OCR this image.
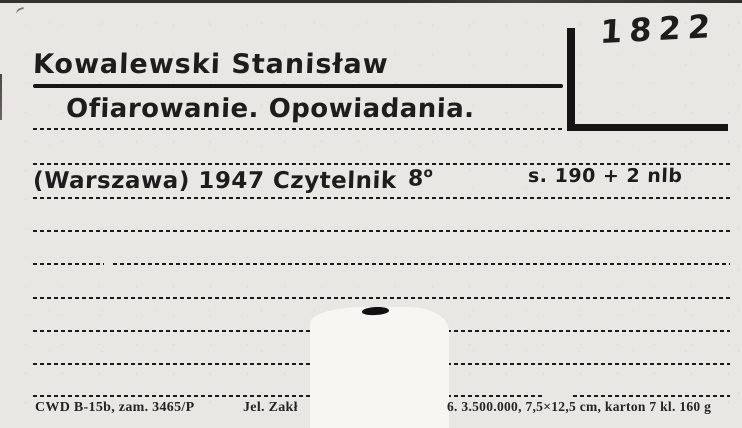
Kowalewski Stanisław
Ofiarowanie. Opowiadania.
1822
(Warszawa) 1947 Czytelnik 8$^o$	s. 190 + 2 nlb
Jel. Zakł
CWD B-15b, zam. 3465/P	6. 3.500.000, 7,5×12,5 cm, karton 7 kl. 160 g
